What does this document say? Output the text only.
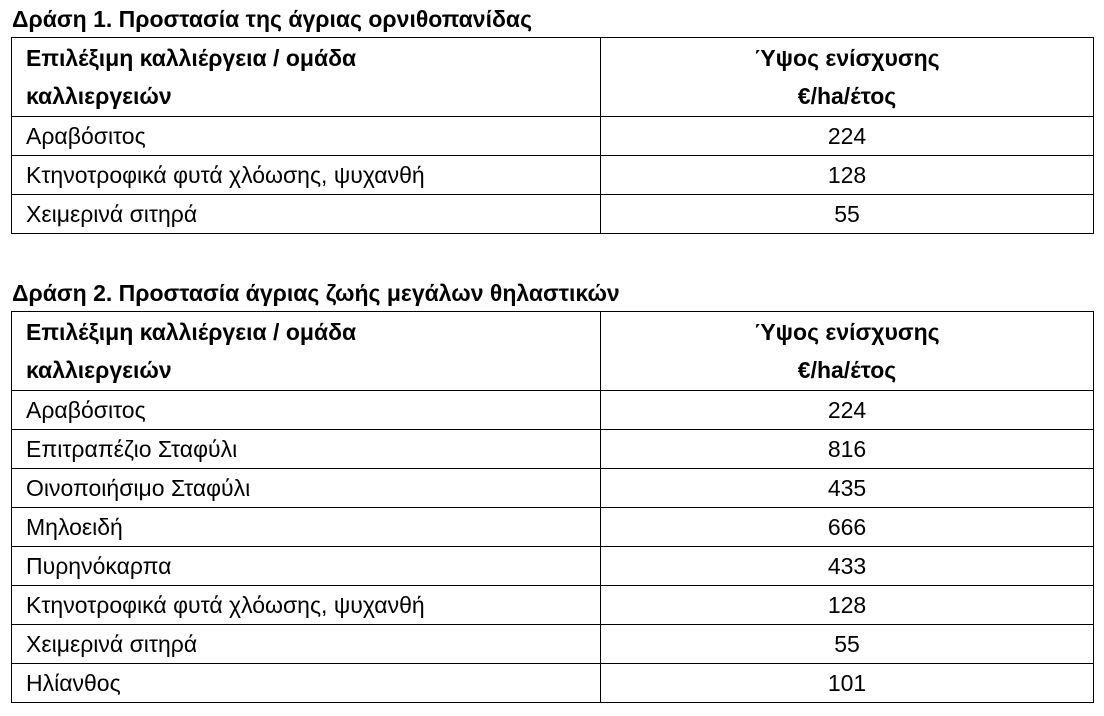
Δράση 1. Προστασία της άγριας ορνιθοπανίδας
Επιλέξιμη καλλιέργεια / ομάδα
καλλιεργειών	Ύψος ενίσχυσης
€/ha/έτος

Αραβόσιτος	224
Κτηνοτροφικά φυτά χλόωσης, ψυχανθή	128
Χειμερινά σιτηρά	55
Δράση 2. Προστασία άγριας ζωής μεγάλων θηλαστικών
Επιλέξιμη καλλιέργεια / ομάδα
καλλιεργειών	Ύψος ενίσχυσης
€/ha/έτος

Αραβόσιτος	224
Επιτραπέζιο Σταφύλι	816
Οινοποιήσιμο Σταφύλι	435
Μηλοειδή	666
Πυρηνόκαρπα	433
Κτηνοτροφικά φυτά χλόωσης, ψυχανθή	128
Χειμερινά σιτηρά	55
Ηλίανθος	101
